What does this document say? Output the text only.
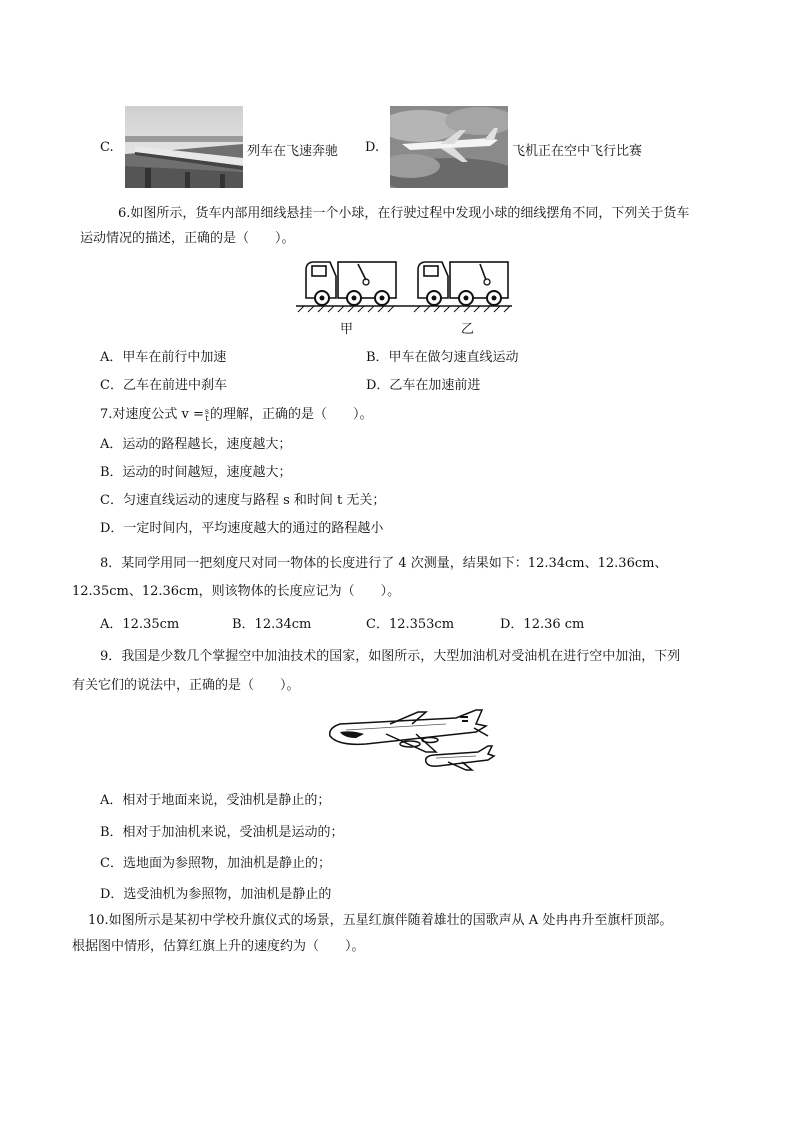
C.	列车在飞速奔驰 D.	飞机正在空中飞行比赛
6.如图所示，货车内部用细线悬挂一个小球，在行驶过程中发现小球的细线摆角不同，下列关于货车
运动情况的描述，正确的是（　　）。
甲	乙
A．甲车在前行中加速	B．甲车在做匀速直线运动
C．乙车在前进中刹车	D．乙车在加速前进
7.对速度公式 v = s
t 的理解，正确的是（　　）。
A．运动的路程越长，速度越大；
B．运动的时间越短，速度越大；
C．匀速直线运动的速度与路程 s 和时间 t 无关；
D．一定时间内，平均速度越大的通过的路程越小
8．某同学用同一把刻度尺对同一物体的长度进行了 4 次测量，结果如下：12.34cm、12.36cm、
12.35cm、12.36cm，则该物体的长度应记为（　　）。
A．12.35cm	B．12.34cm	C．12.353cm	D．12.36 cm
9．我国是少数几个掌握空中加油技术的国家，如图所示，大型加油机对受油机在进行空中加油，下列
有关它们的说法中，正确的是（　　）。
A．相对于地面来说，受油机是静止的；
B．相对于加油机来说，受油机是运动的；
C．选地面为参照物，加油机是静止的；
D．选受油机为参照物，加油机是静止的
10.如图所示是某初中学校升旗仪式的场景，五星红旗伴随着雄壮的国歌声从 A 处冉冉升至旗杆顶部。
根据图中情形，估算红旗上升的速度约为（　　）。
